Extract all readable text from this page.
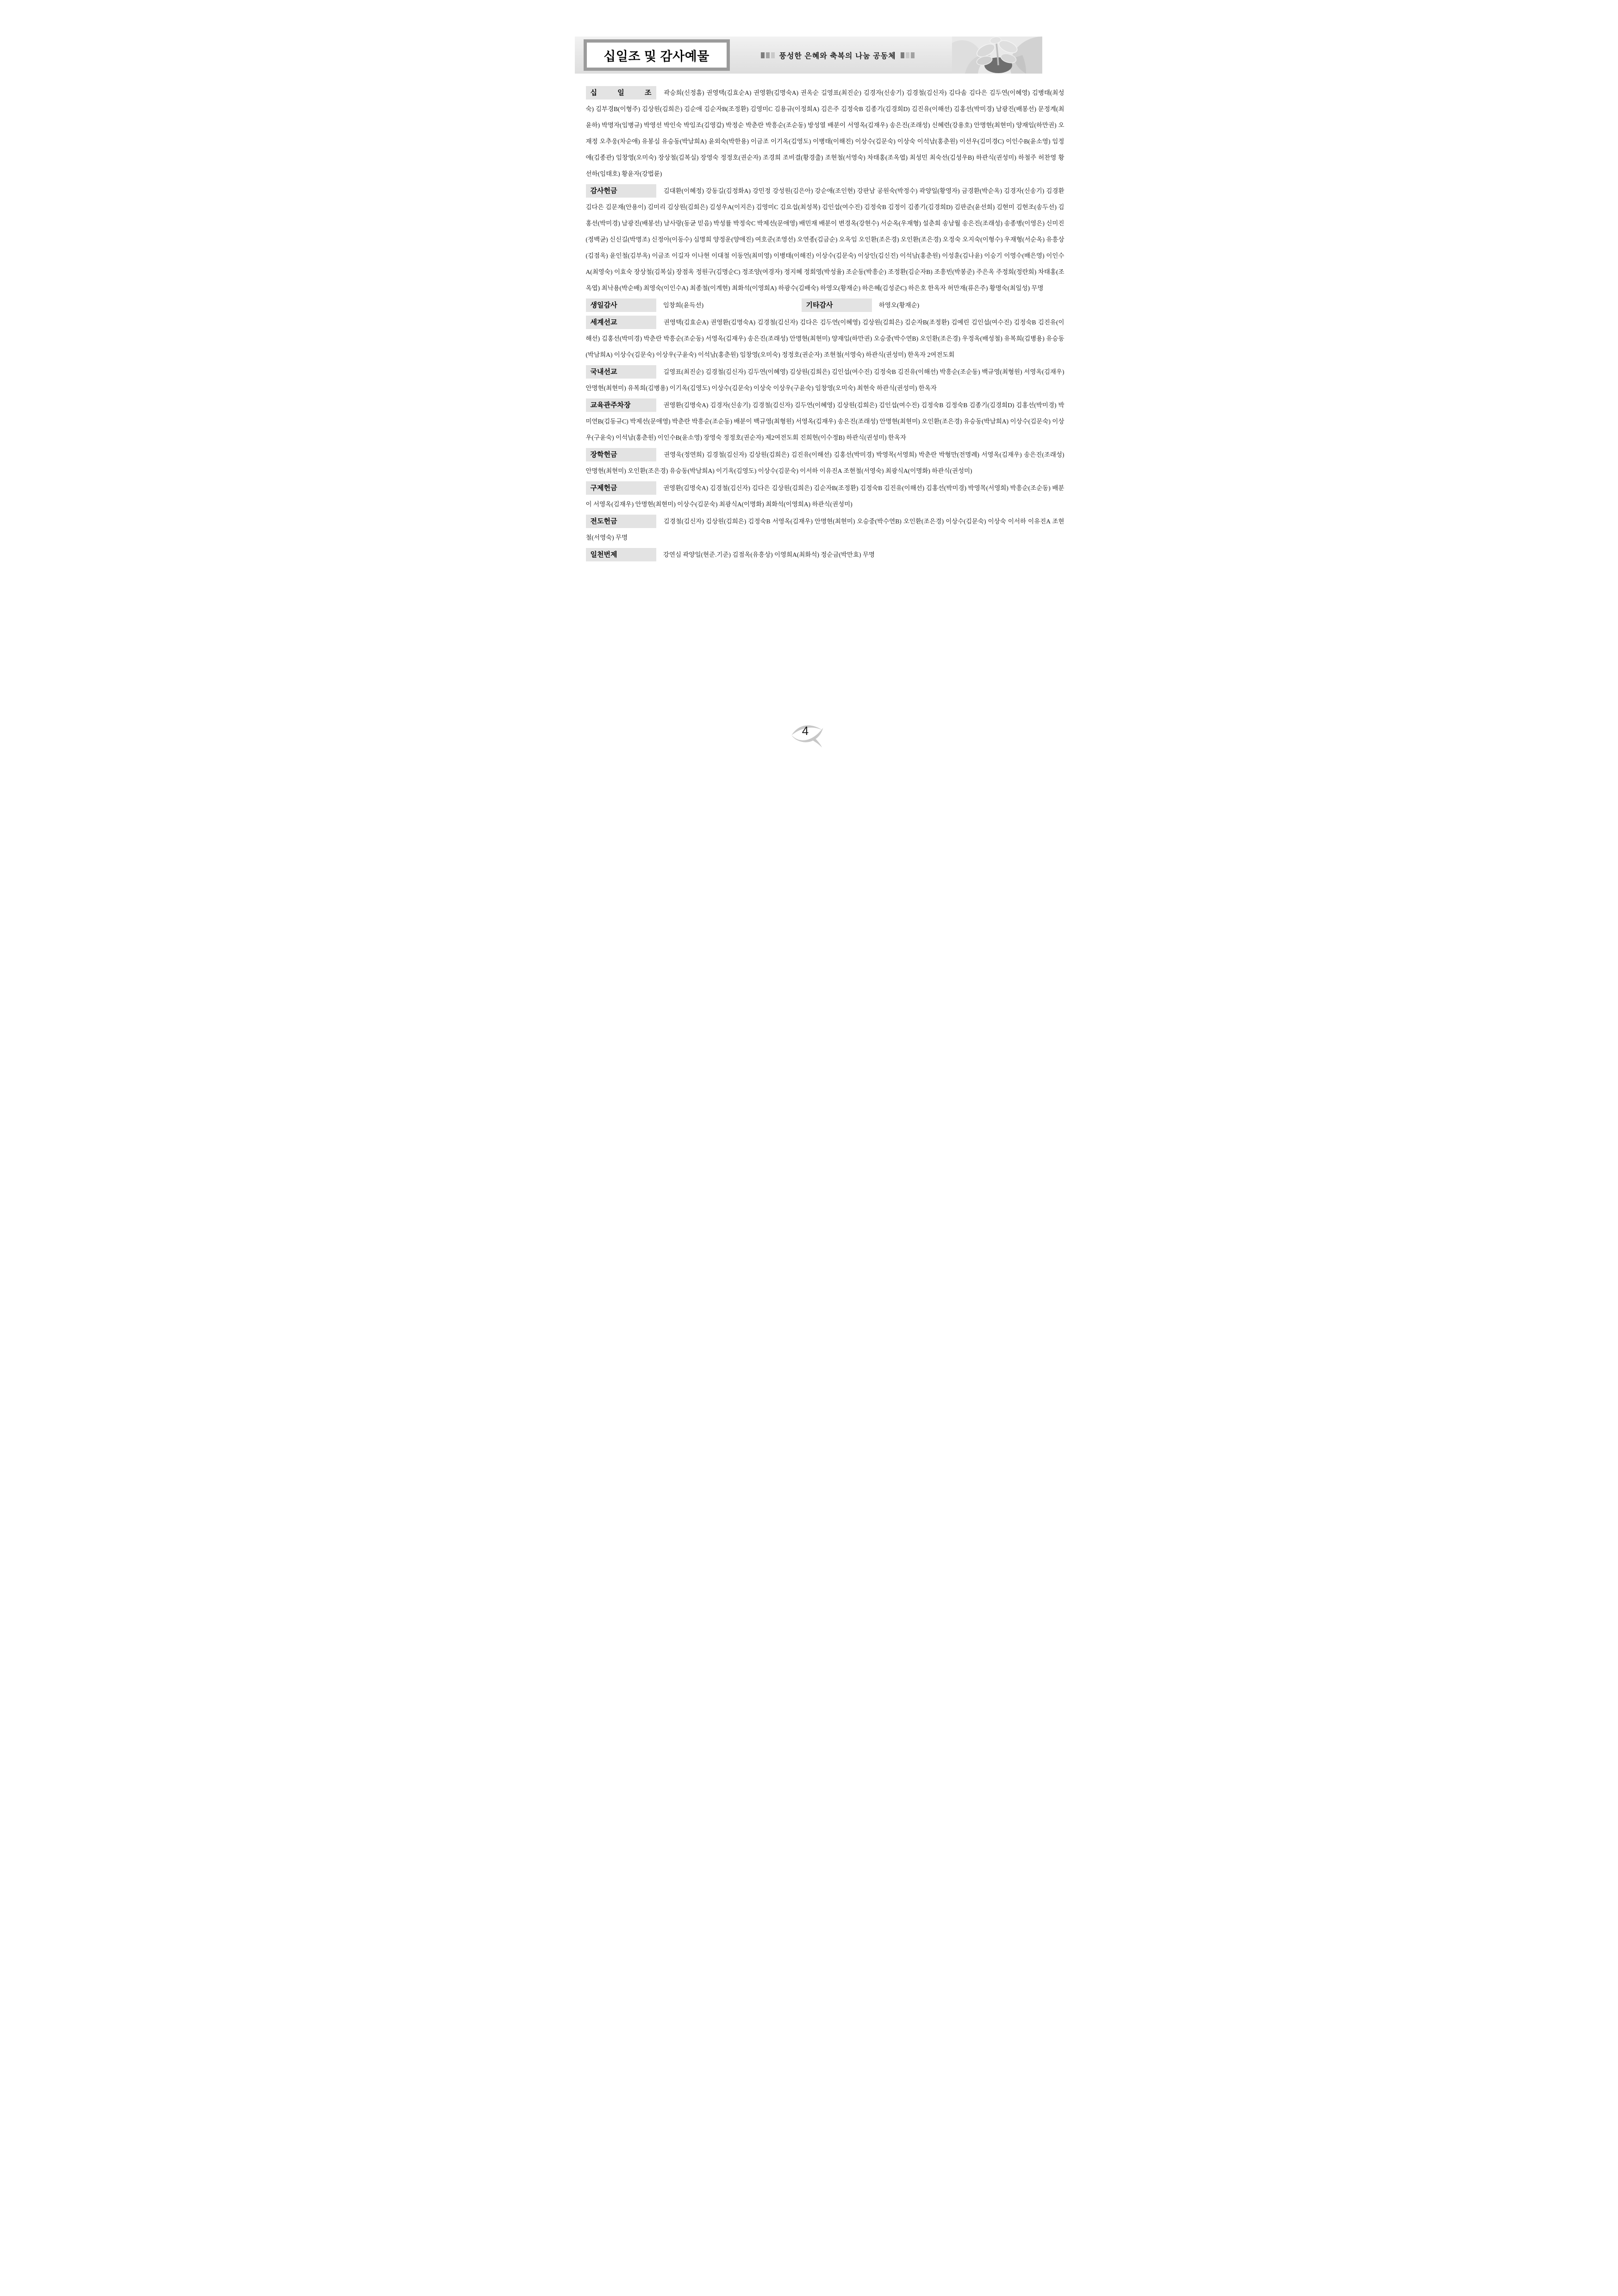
십일조 및 감사예물	풍성한 은혜와 축복의 나눔 공동체

십 일 조 곽승희(신정흠) 권영택(김효순A) 권영환(김명숙A) 권옥순 길영표(최진순) 김경자(신송기) 김경철(김신자) 김다솜 김다은 김두연(이혜영) 김병태(최성숙) 김부경B(이형주) 김상원(김희은) 김순애 김순자B(조정환) 김영미C 김용규(이정희A) 김은주 김정숙B 김종기(김경희D) 김진유(이해선) 김홍선(박미경) 남광진(배봉선) 문정계(최윤하) 박명자(임병규) 박영선 박인숙 박임조(김영갑) 박정순 박춘란 박흥순(조순동) 방성열 배분이 서영옥(김재우) 송은진(조래성) 신혜련(강용호) 안명현(최현미) 양재임(하만권) 오재정 오추웅(차순애) 유봉심 유승동(박남희A) 윤외숙(박한용) 이금조 이기옥(김영도) 이병태(이해진) 이상수(김문숙) 이상숙 이석남(홍춘원) 이선우(김미경C) 이인수B(윤소영) 임정애(김종관) 임창영(오미숙) 장상철(김복실) 장영숙 정정호(권순자) 조경희 조비결(황경출) 조현철(서영숙) 차태홍(조옥엽) 최성민 최숙선(김성우B) 하관식(권성미) 하철주 허찬영 황선하(임태호) 황윤자(강법륜)

감사헌금	김대환(이혜정) 강동길(김정화A) 강민정 강성원(김은아) 강순애(조인현) 강판남 공원숙(박정수) 곽양일(황영자) 금경환(박순옥) 김경자(신송기) 김경환 김다은 김문재(안용이) 김미리 김상원(김희은) 김성우A(이지은) 김영미C 김요섭(최성복) 김인섭(여수진) 김정숙B 김정이 김종기(김경희D) 김판준(윤선희) 김현미 김현조(송두선) 김홍선(박미경) 남광진(배봉선) 남사랑(동균 믿음) 박성률 박정숙C 박제선(문애영) 배민재 배분이 변경옥(강현수) 서순옥(우재형) 설춘희 송남월 송은진(조래성) 송종병(이영은) 신미진(정백균) 신신길(박명조) 신정아(이동수) 심명희 양정운(양애진) 여호준(조영선) 오연종(김금순) 오옥임 오인환(조은경) 오인환(조은경) 오정숙 오지숙(이형수) 우재형(서순옥) 유흥상(김점옥) 윤인철(김부옥) 이금조 이길자 이나현 이대철 이동언(최미영) 이병태(이해진) 이상수(김문숙) 이상인(김신진) 이석남(홍춘원) 이성훈(김나윤) 이승기 이영수(배은영) 이인수A(최영숙) 이효숙 장상철(김복실) 장점옥 정원구(김명순C) 정조양(여경자) 정지혜 정회영(박성율) 조순동(박흥순) 조정환(김순자B) 조흥빈(박봉준) 주은옥 주정희(정란희) 차태홍(조옥엽) 최낙용(박순배) 최영숙(이인수A) 최종철(이계현) 최화석(이영희A) 하광수(김배숙) 하영오(황재순) 하은혜(김성준C) 하은호 한옥자 허만재(류은주) 황명숙(최일성) 무명

생일감사	임창희(윤득선)	기타감사	하영오(황재순)

세계선교	권영택(김효순A) 권영환(김명숙A) 김경철(김신자) 김다은 김두연(이혜영) 김상원(김희은) 김순자B(조정환) 김예린 김인섭(여수진) 김정숙B 김진유(이해선) 김홍선(박미경) 박춘란 박흥순(조순동) 서영옥(김재우) 송은진(조래성) 안명현(최현미) 양재임(하만권) 오승중(박수연B) 오인환(조은경) 우정옥(배성철) 유복희(김병용) 유승동(박남희A) 이상수(김문숙) 이상우(구윤숙) 이석남(홍춘원) 임창영(오미숙) 정정호(권순자) 조현철(서영숙) 하관식(권성미) 한옥자 2여전도회

국내선교	길영표(최진순) 김경철(김신자) 김두연(이혜영) 김상원(김희은) 김인섭(여수진) 김정숙B 김진유(이해선) 박흥순(조순동) 백규영(최형원) 서영옥(김재우) 안명현(최현미) 유복희(김병용) 이기옥(김영도) 이상수(김문숙) 이상숙 이상우(구윤숙) 임창영(오미숙) 최현숙 하관식(권성미) 한옥자

교육관주차장	권영환(김명숙A) 김경자(신송기) 김경철(김신자) 김두연(이혜영) 김상원(김희은) 김인섭(여수진) 김정숙B 김정숙B 김종기(김경희D) 김홍선(박미경) 박미연B(김동규C) 박제선(문애영) 박춘란 박흥순(조순동) 배분이 백규영(최형원) 서영옥(김재우) 송은진(조래성) 안명현(최현미) 오인환(조은경) 유승동(박남희A) 이상수(김문숙) 이상우(구윤숙) 이석남(홍춘원) 이인수B(윤소영) 장영숙 정정호(권순자) 제2여전도회 진희현(이수정B) 하관식(권성미) 한옥자

장학헌금	권영욱(정연희) 김경철(김신자) 김상원(김희은) 김진유(이해선) 김홍선(박미경) 박영목(서영희) 박춘란 박형만(전명례) 서영옥(김재우) 송은진(조래성) 안명현(최현미) 오인환(조은경) 유승동(박남희A) 이기옥(김영도) 이상수(김문숙) 이서하 이유진A 조현철(서영숙) 최광식A(이명화) 하관식(권성미)

구제헌금	권영환(김명숙A) 김경철(김신자) 김다은 김상원(김희은) 김순자B(조정환) 김정숙B 김진유(이해선) 김홍선(박미경) 박영목(서영희) 박흥순(조순동) 배분이 서영옥(김재우) 안명현(최현미) 이상수(김문숙) 최광식A(이명화) 최화석(이영희A) 하관식(권성미)

전도헌금	김경철(김신자) 김상원(김희은) 김정숙B 서영옥(김재우) 안명현(최현미) 오승중(박수연B) 오인환(조은경) 이상수(김문숙) 이상숙 이서하 이유진A 조현철(서영숙) 무명

일천번제	강연심 곽양일(현준.기준) 김점옥(유흥상) 이영희A(최화석) 정순금(박만효) 무명

4
